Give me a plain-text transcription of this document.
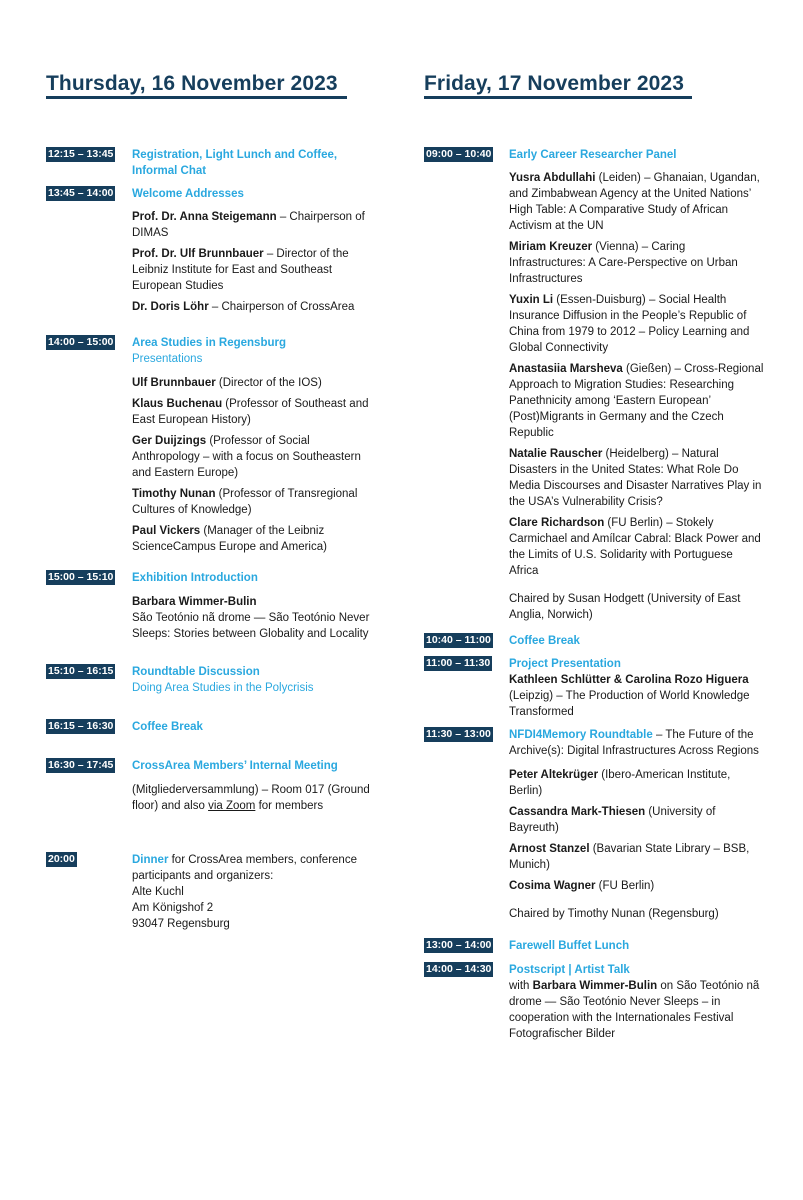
Thursday, 16 November 2023
12:15 – 13:45 Registration, Light Lunch and Coffee, Informal Chat
13:45 – 14:00 Welcome Addresses
Prof. Dr. Anna Steigemann – Chairperson of DIMAS
Prof. Dr. Ulf Brunnbauer – Director of the Leibniz Institute for East and Southeast European Studies
Dr. Doris Löhr – Chairperson of CrossArea
14:00 – 15:00 Area Studies in Regensburg
Presentations
Ulf Brunnbauer (Director of the IOS)
Klaus Buchenau (Professor of Southeast and East European History)
Ger Duijzings (Professor of Social Anthropology – with a focus on Southeastern and Eastern Europe)
Timothy Nunan (Professor of Transregional Cultures of Knowledge)
Paul Vickers (Manager of the Leibniz ScienceCampus Europe and America)
15:00 – 15:10 Exhibition Introduction
Barbara Wimmer-Bulin
São Teotónio nã drome — São Teotónio Never Sleeps: Stories between Globality and Locality
15:10 – 16:15 Roundtable Discussion
Doing Area Studies in the Polycrisis
16:15 – 16:30 Coffee Break
16:30 – 17:45 CrossArea Members’ Internal Meeting
(Mitgliederversammlung) – Room 017 (Ground floor) and also via Zoom for members
20:00	Dinner for CrossArea members, conference participants and organizers:
Alte Kuchl
Am Königshof 2
93047 Regensburg
Friday, 17 November 2023
09:00 – 10:40 Early Career Researcher Panel
Yusra Abdullahi (Leiden) – Ghanaian, Ugandan, and Zimbabwean Agency at the United Nations’ High Table: A Comparative Study of African Activism at the UN
Miriam Kreuzer (Vienna) – Caring Infrastructures: A Care-Perspective on Urban Infrastructures
Yuxin Li (Essen-Duisburg) – Social Health Insurance Diffusion in the People’s Republic of China from 1979 to 2012 – Policy Learning and Global Connectivity
Anastasiia Marsheva (Gießen) – Cross-Regional Approach to Migration Studies: Researching Panethnicity among ‘Eastern European’ (Post)Migrants in Germany and the Czech Republic
Natalie Rauscher (Heidelberg) – Natural Disasters in the United States: What Role Do Media Discourses and Disaster Narratives Play in the USA’s Vulnerability Crisis?
Clare Richardson (FU Berlin) – Stokely Carmichael and Amílcar Cabral: Black Power and the Limits of U.S. Solidarity with Portuguese Africa
Chaired by Susan Hodgett (University of East Anglia, Norwich)
10:40 – 11:00 Coffee Break
11:00 – 11:30 Project Presentation
Kathleen Schlütter & Carolina Rozo Higuera (Leipzig) – The Production of World Knowledge Transformed
11:30 – 13:00 NFDI4Memory Roundtable – The Future of the Archive(s): Digital Infrastructures Across Regions
Peter Altekrüger (Ibero-American Institute, Berlin)
Cassandra Mark-Thiesen (University of Bayreuth)
Arnost Stanzel (Bavarian State Library – BSB, Munich)
Cosima Wagner (FU Berlin)
Chaired by Timothy Nunan (Regensburg)
13:00 – 14:00 Farewell Buffet Lunch
14:00 – 14:30 Postscript | Artist Talk
with Barbara Wimmer-Bulin on São Teotónio nã drome — São Teotónio Never Sleeps – in cooperation with the Internationales Festival Fotografischer Bilder
